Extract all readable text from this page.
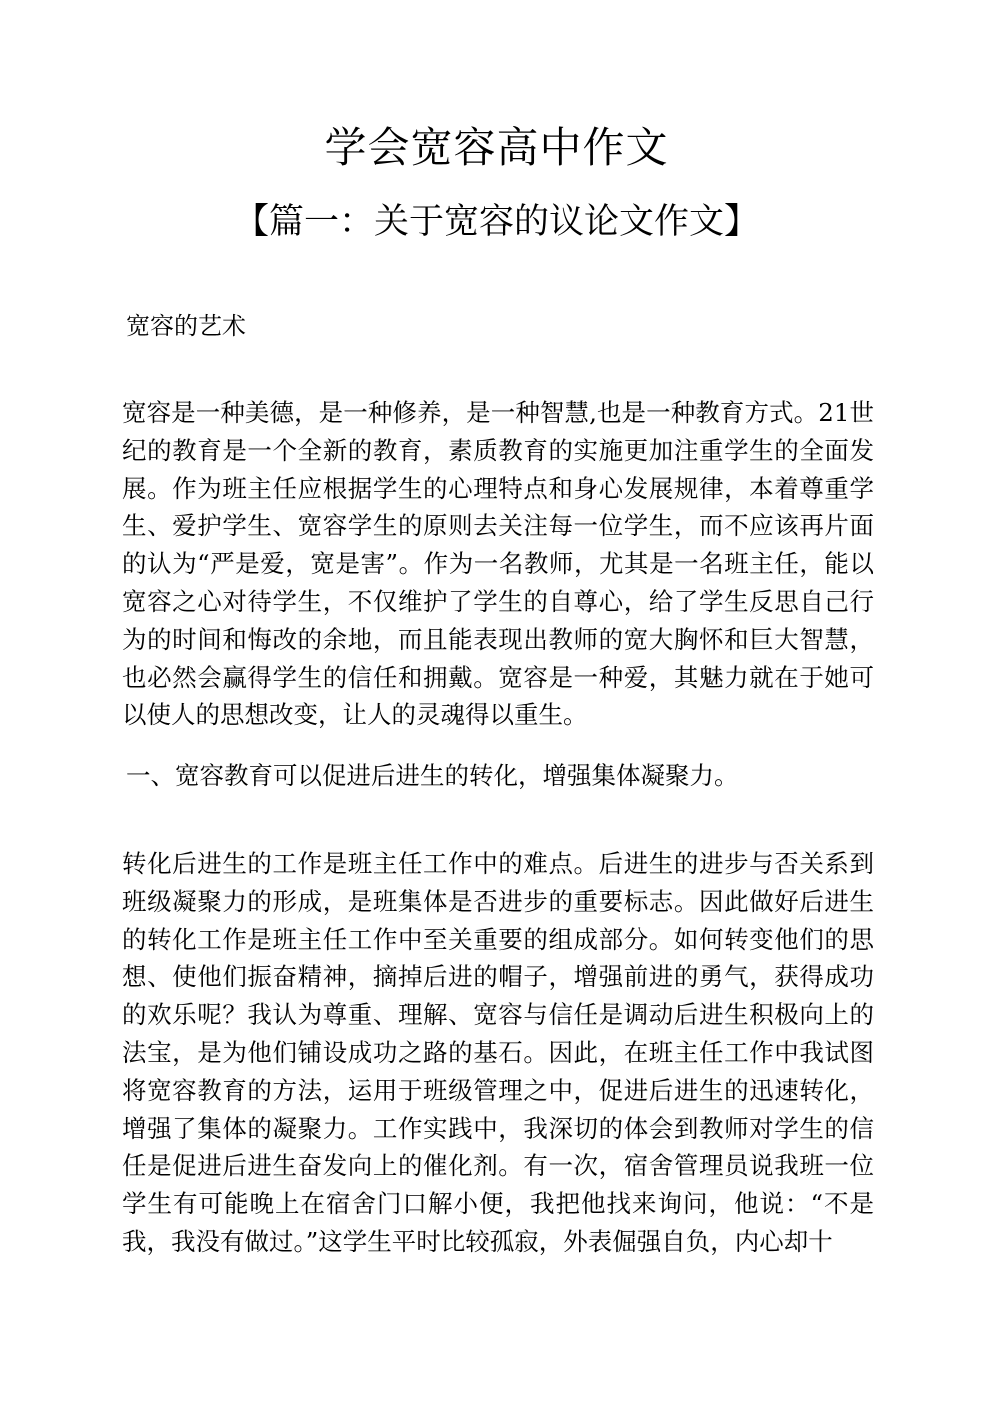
学会宽容高中作文
【篇一：关于宽容的议论文作文】

宽容的艺术

宽容是一种美德，是一种修养，是一种智慧,也是一种教育方式。21世纪的教育是一个全新的教育，素质教育的实施更加注重学生的全面发展。作为班主任应根据学生的心理特点和身心发展规律，本着尊重学生、爱护学生、宽容学生的原则去关注每一位学生，而不应该再片面的认为“严是爱，宽是害”。作为一名教师，尤其是一名班主任，能以宽容之心对待学生，不仅维护了学生的自尊心，给了学生反思自己行为的时间和悔改的余地，而且能表现出教师的宽大胸怀和巨大智慧，也必然会赢得学生的信任和拥戴。宽容是一种爱，其魅力就在于她可以使人的思想改变，让人的灵魂得以重生。

一、宽容教育可以促进后进生的转化，增强集体凝聚力。

转化后进生的工作是班主任工作中的难点。后进生的进步与否关系到班级凝聚力的形成，是班集体是否进步的重要标志。因此做好后进生的转化工作是班主任工作中至关重要的组成部分。如何转变他们的思想、使他们振奋精神，摘掉后进的帽子，增强前进的勇气，获得成功的欢乐呢？我认为尊重、理解、宽容与信任是调动后进生积极向上的法宝，是为他们铺设成功之路的基石。因此，在班主任工作中我试图将宽容教育的方法，运用于班级管理之中，促进后进生的迅速转化，增强了集体的凝聚力。工作实践中，我深切的体会到教师对学生的信任是促进后进生奋发向上的催化剂。有一次，宿舍管理员说我班一位学生有可能晚上在宿舍门口解小便，我把他找来询问，他说：“不是我，我没有做过。”这学生平时比较孤寂，外表倔强自负，内心却十
